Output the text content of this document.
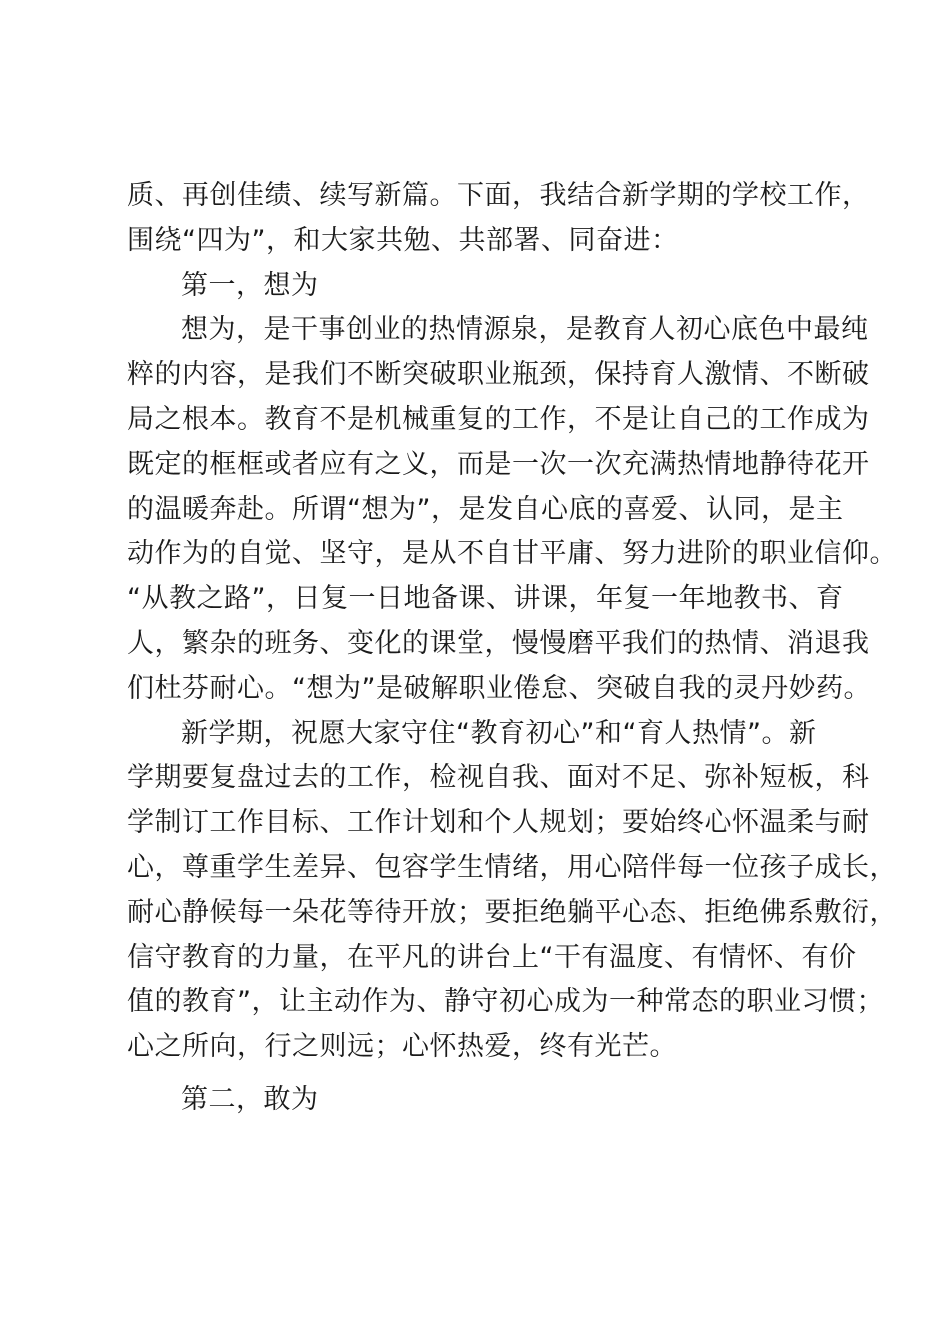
质、再创佳绩、续写新篇。下面，我结合新学期的学校工作，
围绕“四为”，和大家共勉、共部署、同奋进：
第一，想为
想为，是干事创业的热情源泉，是教育人初心底色中最纯
粹的内容，是我们不断突破职业瓶颈，保持育人激情、不断破
局之根本。教育不是机械重复的工作，不是让自己的工作成为
既定的框框或者应有之义，而是一次一次充满热情地静待花开
的温暖奔赴。所谓“想为”，是发自心底的喜爱、认同，是主
动作为的自觉、坚守，是从不自甘平庸、努力进阶的职业信仰。
“从教之路”，日复一日地备课、讲课，年复一年地教书、育
人，繁杂的班务、变化的课堂，慢慢磨平我们的热情、消退我
们杜芬耐心。“想为”是破解职业倦怠、突破自我的灵丹妙药。
新学期，祝愿大家守住“教育初心”和“育人热情”。新
学期要复盘过去的工作，检视自我、面对不足、弥补短板，科
学制订工作目标、工作计划和个人规划；要始终心怀温柔与耐
心，尊重学生差异、包容学生情绪，用心陪伴每一位孩子成长，
耐心静候每一朵花等待开放；要拒绝躺平心态、拒绝佛系敷衍，
信守教育的力量，在平凡的讲台上“干有温度、有情怀、有价
值的教育”，让主动作为、静守初心成为一种常态的职业习惯；
心之所向，行之则远；心怀热爱，终有光芒。
第二，敢为
